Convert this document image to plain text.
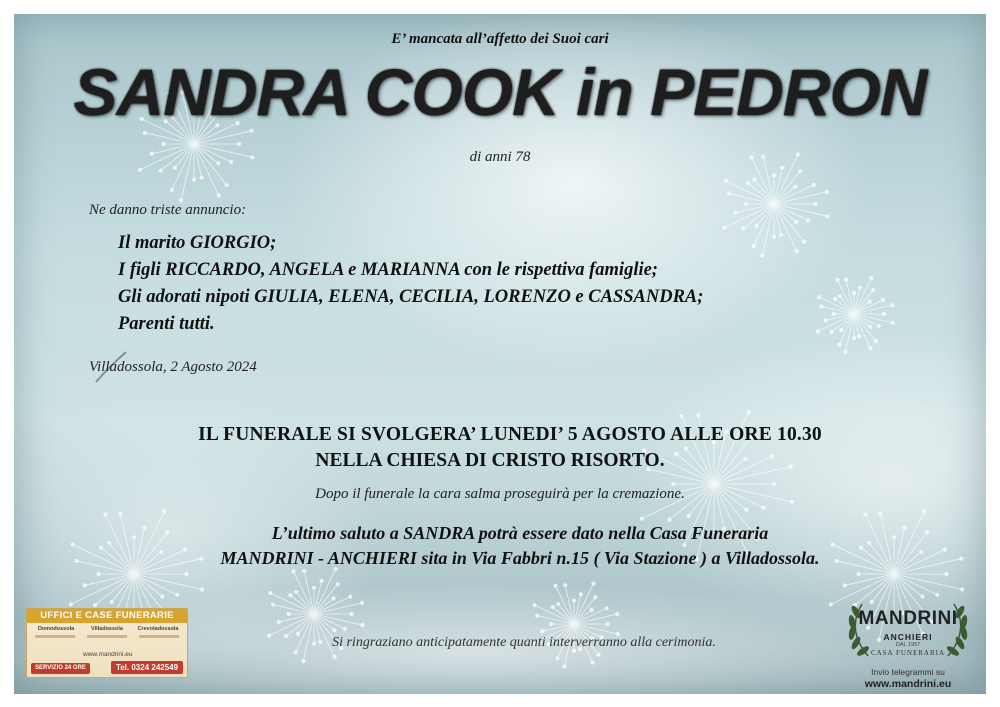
E’ mancata all’affetto dei Suoi cari
SANDRA COOK in PEDRON
di anni 78
Ne danno triste annuncio:
Il marito GIORGIO;
I figli RICCARDO, ANGELA e MARIANNA con le rispettiva famiglie;
Gli adorati nipoti GIULIA, ELENA, CECILIA, LORENZO e CASSANDRA;
Parenti tutti.
Villadossola, 2 Agosto 2024
IL FUNERALE SI SVOLGERA’ LUNEDI’ 5 AGOSTO ALLE ORE 10.30
NELLA CHIESA DI CRISTO RISORTO.
Dopo il funerale la cara salma proseguirà per la cremazione.
L’ultimo saluto a SANDRA potrà essere dato nella Casa Funeraria
MANDRINI - ANCHIERI sita in Via Fabbri n.15 ( Via Stazione ) a Villadossola.
Si ringraziano anticipatamente quanti interverranno alla cerimonia.
UFFICI E CASE FUNERARIE
Domodossola	Villadossola	Crevoladossola
www.mandrini.eu
SERVIZIO 24 ORE	Tel. 0324 242549
MANDRINI
ANCHIERI
DAL 1957
CASA FUNERARIA
Invio telegrammi su
www.mandrini.eu
